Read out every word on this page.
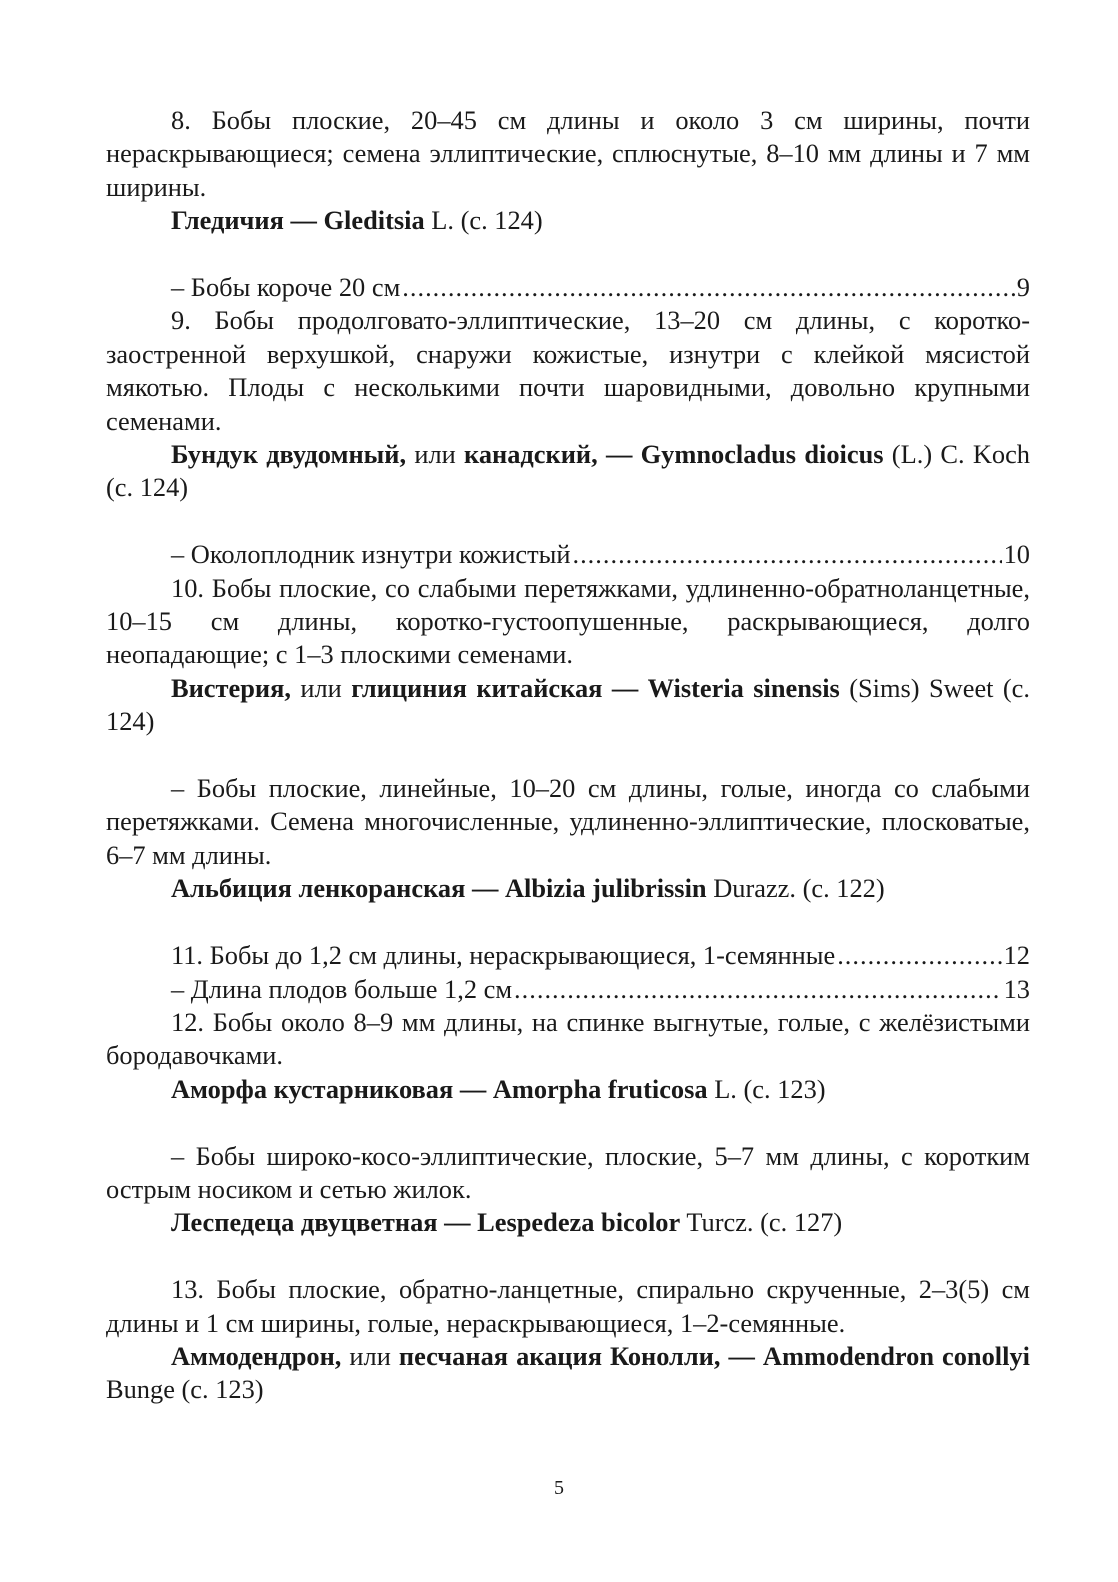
8. Бобы плоские, 20–45 см длины и около 3 см ширины, почти нераскрывающиеся; семена эллиптические, сплюснутые, 8–10 мм длины и 7 мм ширины.

Гледичия — Gleditsia L. (с. 124)

– Бобы короче 20 см .....	9

9. Бобы продолговато-эллиптические, 13–20 см длины, с коротко-заостренной верхушкой, снаружи кожистые, изнутри с клейкой мясистой мякотью. Плоды с несколькими почти шаровидными, довольно крупными семенами.

Бундук двудомный, или канадский, — Gymnocladus dioicus (L.) C. Koch (с. 124)

– Околоплодник изнутри кожистый .....	10

10. Бобы плоские, со слабыми перетяжками, удлиненно-обратноланцетные, 10–15 см длины, коротко-густоопушенные, раскрывающиеся, долго неопадающие; с 1–3 плоскими семенами.

Вистерия, или глициния китайская — Wisteria sinensis (Sims) Sweet (с. 124)

– Бобы плоские, линейные, 10–20 см длины, голые, иногда со слабыми перетяжками. Семена многочисленные, удлиненно-эллиптические, плосковатые, 6–7 мм длины.

Альбиция ленкоранская — Albizia julibrissin Durazz. (с. 122)

11. Бобы до 1,2 см длины, нераскрывающиеся, 1-семянные .....	12
– Длина плодов больше 1,2 см .....	13

12. Бобы около 8–9 мм длины, на спинке выгнутые, голые, с желёзистыми бородавочками.

Аморфа кустарниковая — Amorpha fruticosa L. (с. 123)

– Бобы широко-косо-эллиптические, плоские, 5–7 мм длины, с коротким острым носиком и сетью жилок.

Леспедеца двуцветная — Lespedeza bicolor Turcz. (с. 127)

13. Бобы плоские, обратно-ланцетные, спирально скрученные, 2–3(5) см длины и 1 см ширины, голые, нераскрывающиеся, 1–2-семянные.

Аммодендрон, или песчаная акация Конолли, — Ammodendron conollyi Bunge (с. 123)

5
